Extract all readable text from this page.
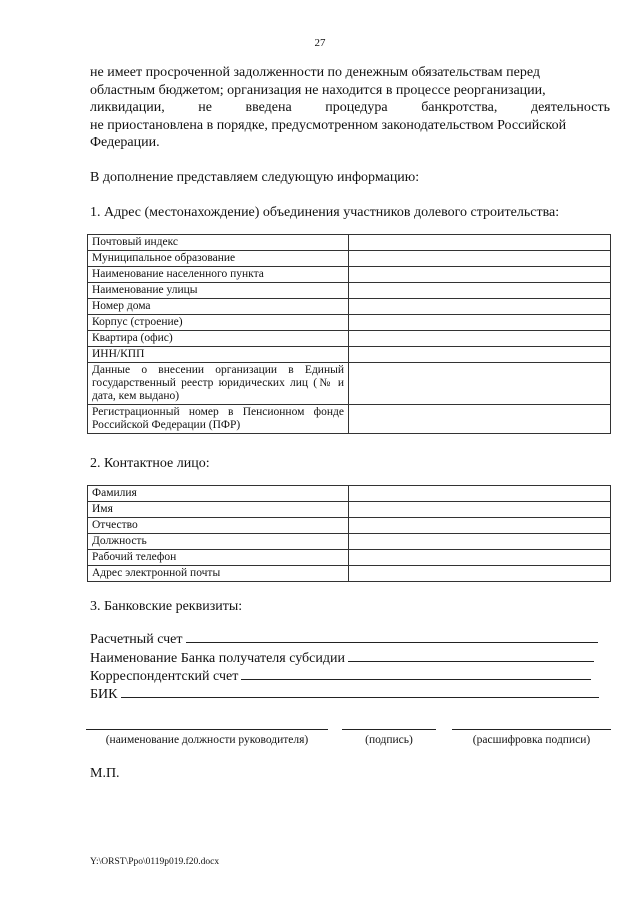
27

не имеет просроченной задолженности по денежным обязательствам перед

областным бюджетом; организация не находится в процессе реорганизации,

ликвидации, не введена процедура банкротства, деятельность

не приостановлена в порядке, предусмотренном законодательством Российской

Федерации.

В дополнение представляем следующую информацию:
1. Адрес (местонахождение) объединения участников долевого строительства:
Почтовый индекс	
Муниципальное образование	
Наименование населенного пункта	
Наименование улицы	
Номер дома	
Корпус (строение)	
Квартира (офис)	
ИНН/КПП	
Данные о внесении организации в Единый государственный реестр юридических лиц (№ и дата, кем выдано)	
Регистрационный номер в Пенсионном фонде Российской Федерации (ПФР)	
2. Контактное лицо:
Фамилия	
Имя	
Отчество	
Должность	
Рабочий телефон	
Адрес электронной почты	
3. Банковские реквизиты:
Расчетный счет
Наименование Банка получателя субсидии
Корреспондентский счет
БИК
(наименование должности руководителя)	(подпись)	(расшифровка подписи)
М.П.
Y:\ORST\Ppo\0119p019.f20.docx
